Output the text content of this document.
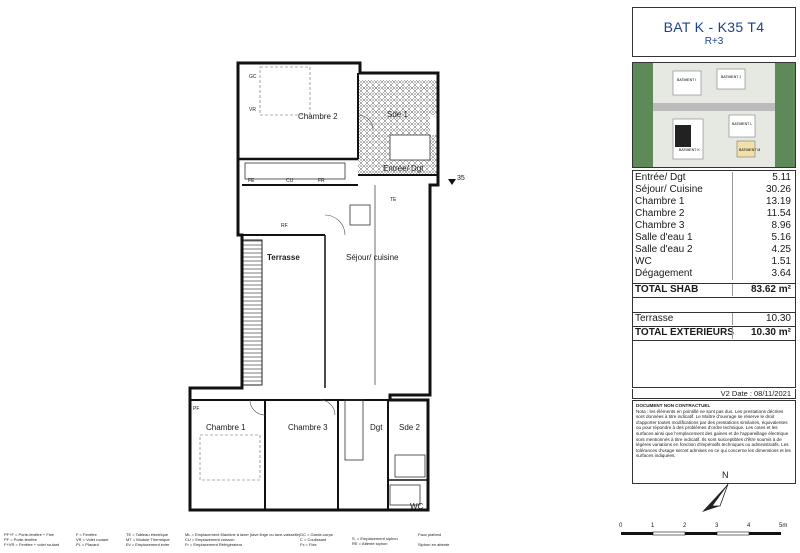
Chambre 2	Sde 1
Entrée/ Dgt
Terrasse	Séjour/ cuisine
Chambre 1	Chambre 3	Dgt Sde 2
WC
GC
VR
FE	CU	FR
RF
PF
TE
35
N
BAT K - K35 T4
R+3
BATIMENT I
BATIMENT J
BATIMENT L
BATIMENT K	BATIMENT M
Entrée/ Dgt	5.11
Séjour/ Cuisine	30.26
Chambre 1	13.19
Chambre 2	11.54
Chambre 3	8.96
Salle d'eau 1	5.16
Salle d'eau 2	4.25
WC	1.51
Dégagement	3.64
TOTAL SHAB	83.62 m²
Terrasse	10.30
TOTAL EXTERIEURS 10.30 m²
V2 Date : 08/11/2021
DOCUMENT NON CONTRACTUEL
Nota : les éléments en pointillé ne sont pas dus. Les prestations décrites sont données à titre indicatif. Le Maître d'ouvrage se réserve le droit d'apporter toutes modifications par des prestations similaires, équivalentes ou pour répondre à des problèmes d'ordre technique. Les cotes et les surfaces ainsi que l'emplacement des gaines et de l'appareillage électrique sont mentionnés à titre indicatif. Ils sont susceptibles d'être soumis à de légères variations en fonction d'impératifs techniques ou administratifs. Les tolérances d'usage seront admises en ce qui concerne les dimensions et les surfaces indiquées.
0	1	2	3	4	5m
PF+F = Porte-fenêtre + Fixe
PF = Porte-fenêtre
F+VR = Fenêtre + volet roulant
F = Fenêtre
VR = Volet roulant
PL = Placard
TE = Tableau électrique
MT = Module Thermique
Ev = Emplacement évier
ML = Emplacement Machine à laver (lave linge ou lave-vaisselle)
CU = Emplacement cuisson
Fr = Emplacement Réfrigérateur
GC = Garde-corps
C = Coulissant
Fx = Fixe
S. = Emplacement siphon
RE = Attente siphon
Faux plafond
Siphon en attente
